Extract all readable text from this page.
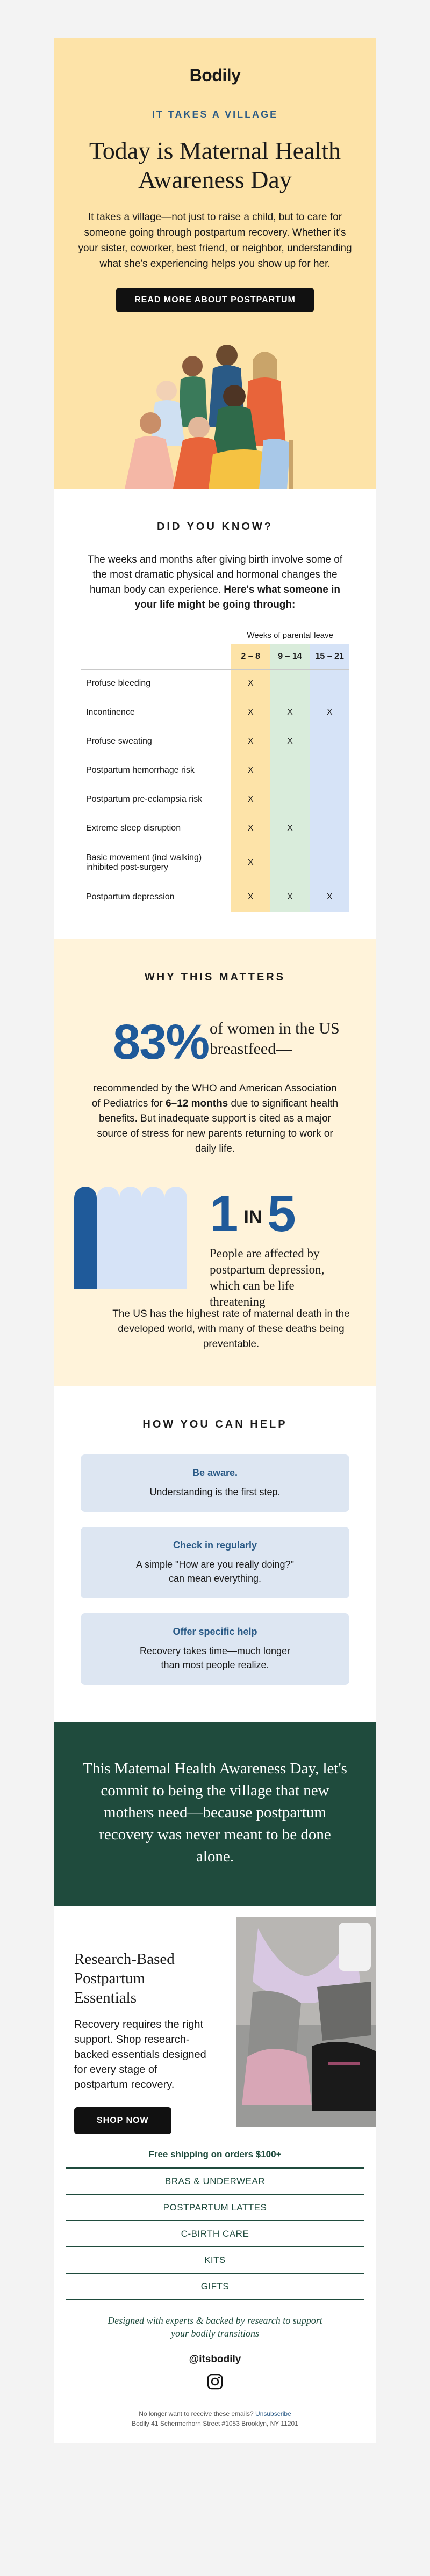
Bodily
IT TAKES A VILLAGE
Today is Maternal Health Awareness Day

It takes a village—not just to raise a child, but to care for someone going through postpartum recovery. Whether it's your sister, coworker, best friend, or neighbor, understanding what she's experiencing helps you show up for her.

READ MORE ABOUT POSTPARTUM
DID YOU KNOW?

The weeks and months after giving birth involve some of the most dramatic physical and hormonal changes the human body can experience. Here's what someone in your life might be going through:

Weeks of parental leave
	2 – 8	9 – 14	15 – 21
Profuse bleeding	X		
Incontinence	X	X	X
Profuse sweating	X	X	
Postpartum hemorrhage risk	X		
Postpartum pre-eclampsia risk	X		
Extreme sleep disruption	X	X	
Basic movement (incl walking) inhibited post-surgery	X		
Postpartum depression	X	X	X
WHY THIS MATTERS
83% of women in the US breastfeed—

recommended by the WHO and American Association of Pediatrics for 6–12 months due to significant health benefits. But inadequate support is cited as a major source of stress for new parents returning to work or daily life.

1 IN 5
People are affected by postpartum depression, which can be life threatening

The US has the highest rate of maternal death in the developed world, with many of these deaths being preventable.

HOW YOU CAN HELP
Be aware.
Understanding is the first step.
Check in regularly
A simple "How are you really doing?" can mean everything.
Offer specific help
Recovery takes time—much longer than most people realize.

This Maternal Health Awareness Day, let's commit to being the village that new mothers need—because postpartum recovery was never meant to be done alone.

Research-Based Postpartum Essentials

Recovery requires the right support. Shop research-backed essentials designed for every stage of postpartum recovery.

SHOP NOW
Free shipping on orders $100+
BRAS & UNDERWEAR
POSTPARTUM LATTES
C-BIRTH CARE
KITS
GIFTS

Designed with experts & backed by research to support your bodily transitions

@itsbodily
No longer want to receive these emails? Unsubscribe
Bodily 41 Schermerhorn Street #1053 Brooklyn, NY 11201
